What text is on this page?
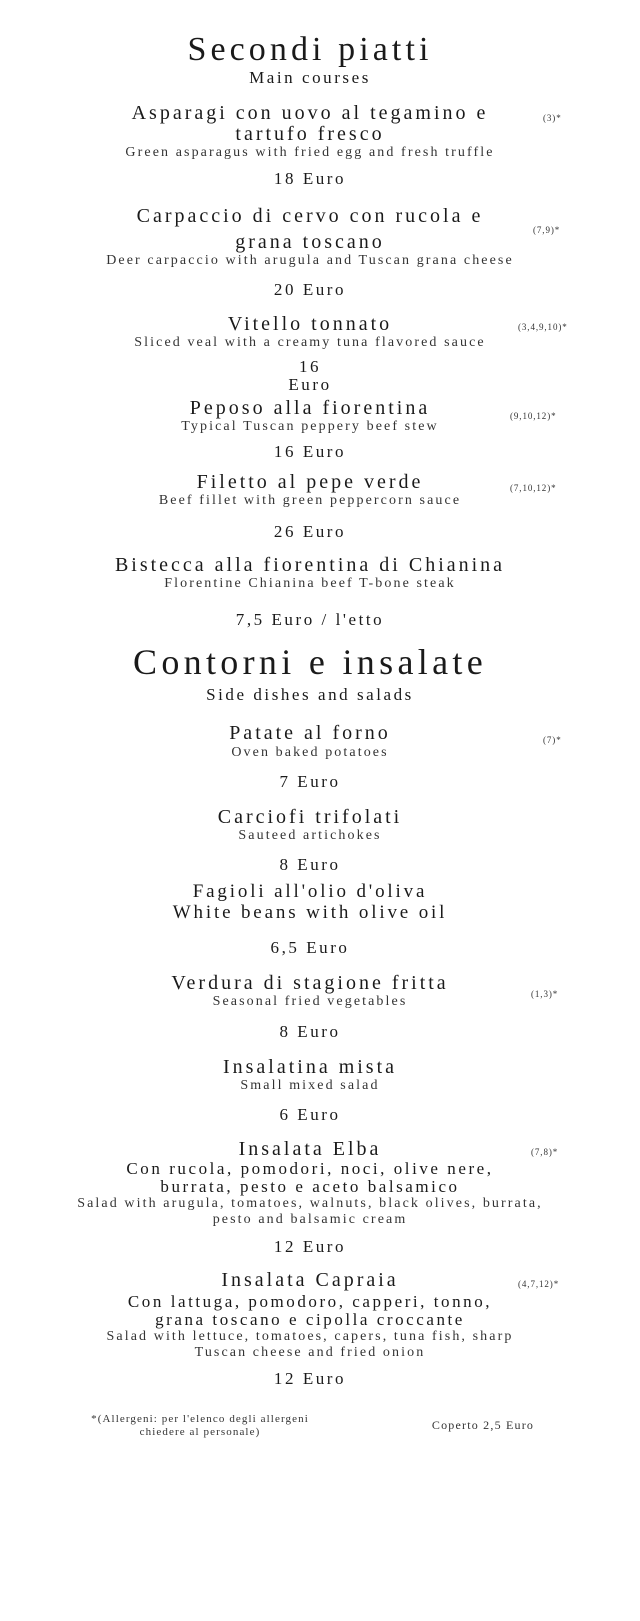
Secondi piatti
Main courses
Asparagi con uovo al tegamino e
tartufo fresco
Green asparagus with fried egg and fresh truffle
18 Euro
(3)*
Carpaccio di cervo con rucola e
grana toscano
Deer carpaccio with arugula and Tuscan grana cheese
20 Euro
(7,9)*
Vitello tonnato
Sliced veal with a creamy tuna flavored sauce
16
Euro
(3,4,9,10)*
Peposo alla fiorentina
Typical Tuscan peppery beef stew
16 Euro
(9,10,12)*
Filetto al pepe verde
Beef fillet with green peppercorn sauce
26 Euro
(7,10,12)*
Bistecca alla fiorentina di Chianina
Florentine Chianina beef T-bone steak
7,5 Euro / l'etto
Contorni e insalate
Side dishes and salads
Patate al forno
Oven baked potatoes
7 Euro
(7)*
Carciofi trifolati
Sauteed artichokes
8 Euro
Fagioli all'olio d'oliva
White beans with olive oil
6,5 Euro
Verdura di stagione fritta
Seasonal fried vegetables
8 Euro
(1,3)*
Insalatina mista
Small mixed salad
6 Euro
Insalata Elba
Con rucola, pomodori, noci, olive nere,
burrata, pesto e aceto balsamico
Salad with arugula, tomatoes, walnuts, black olives, burrata,
pesto and balsamic cream
12 Euro
(7,8)*
Insalata Capraia
Con lattuga, pomodoro, capperi, tonno,
grana toscano e cipolla croccante
Salad with lettuce, tomatoes, capers, tuna fish, sharp
Tuscan cheese and fried onion
12 Euro
(4,7,12)*
*(Allergeni: per l'elenco degli allergeni
chiedere al personale)	Coperto 2,5 Euro
